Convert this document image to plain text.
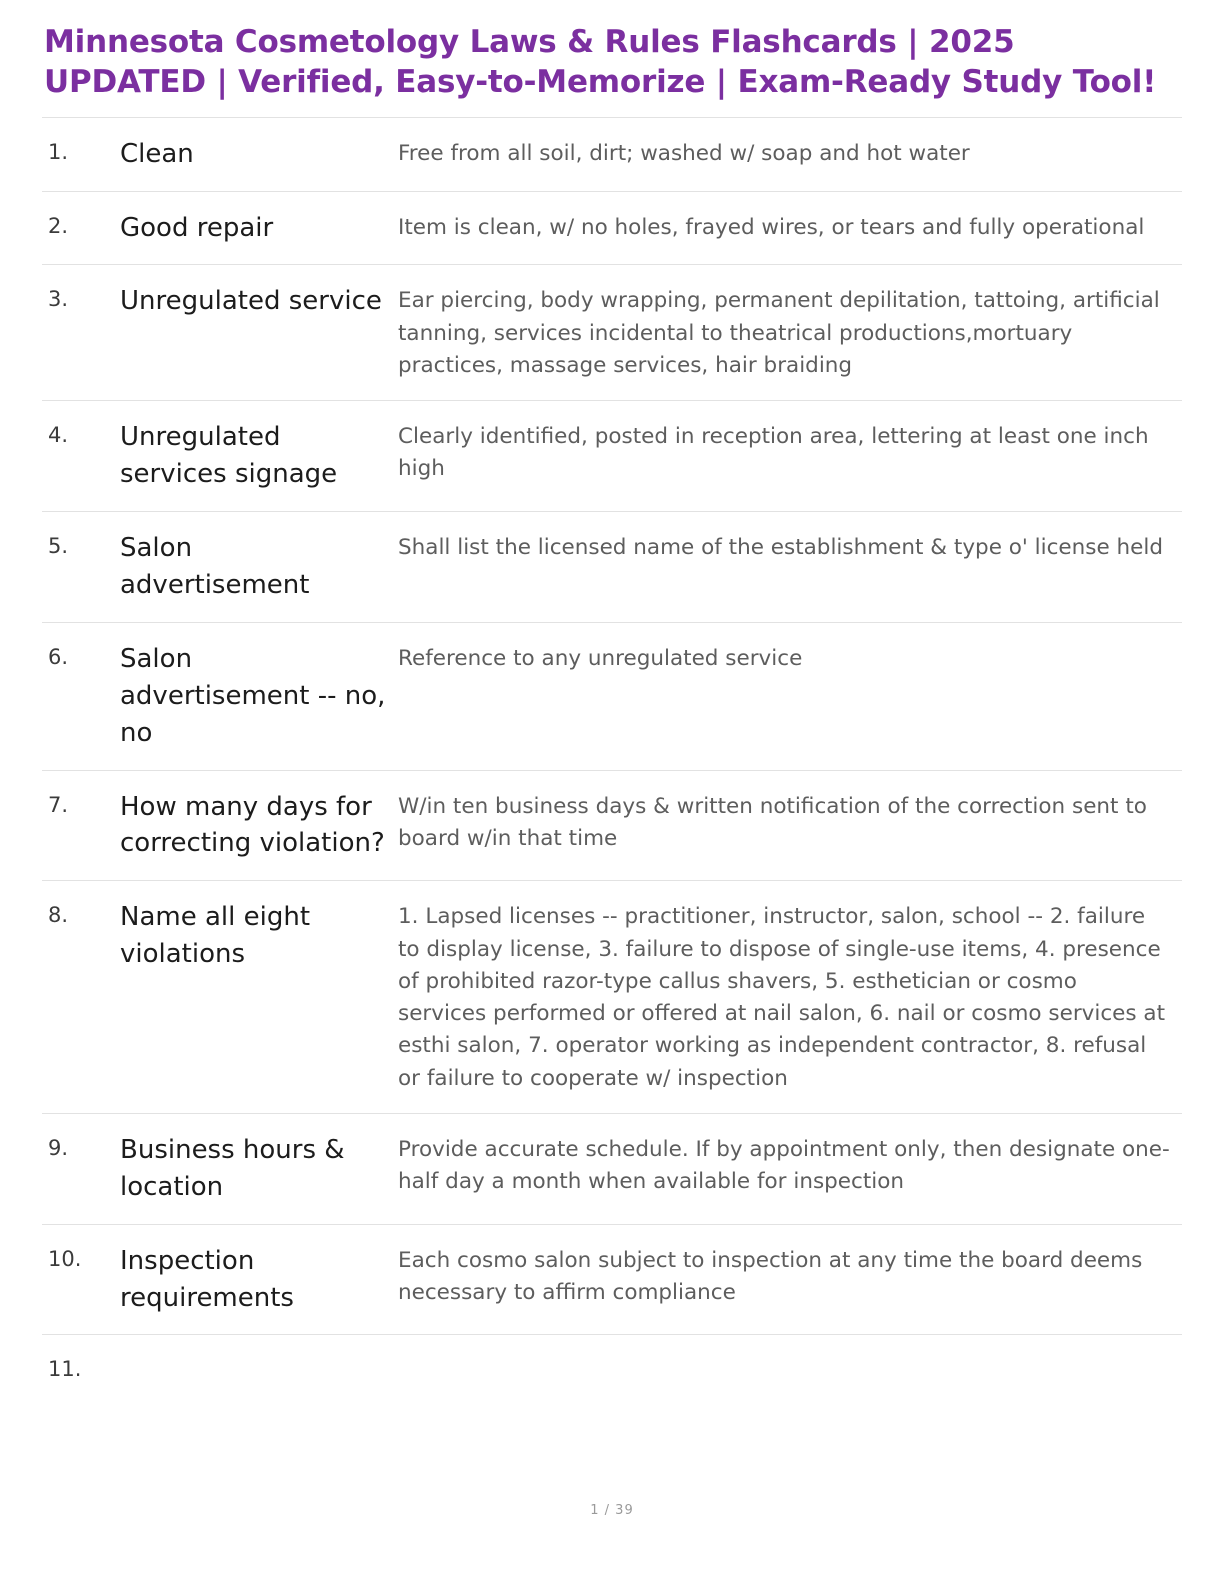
Minnesota Cosmetology Laws & Rules Flashcards | 2025 UPDATED | Verified, Easy-to-Memorize | Exam-Ready Study Tool!
1.	Clean	Free from all soil, dirt; washed w/ soap and hot water
2.	Good repair	Item is clean, w/ no holes, frayed wires, or tears and fully operational
3.	Unregulated service	Ear piercing, body wrapping, permanent depilitation, tattoing, artificial tanning, services incidental to theatrical productions,mortuary practices, massage services, hair braiding
4.	Unregulated services signage	Clearly identified, posted in reception area, lettering at least one inch high
5.	Salon advertisement	Shall list the licensed name of the establishment & type o' license held
6.	Salon advertisement -- no, no	Reference to any unregulated service
7.	How many days for correcting violation?	W/in ten business days & written notification of the correction sent to board w/in that time
8.	Name all eight violations	1. Lapsed licenses -- practitioner, instructor, salon, school -- 2. failure to display license, 3. failure to dispose of single-use items, 4. presence of prohibited razor-type callus shavers, 5. esthetician or cosmo services performed or offered at nail salon, 6. nail or cosmo services at esthi salon, 7. operator working as independent contractor, 8. refusal or failure to cooperate w/ inspection
9.	Business hours & location	Provide accurate schedule. If by appointment only, then designate one-half day a month when available for inspection
10.	Inspection requirements	Each cosmo salon subject to inspection at any time the board deems necessary to affirm compliance
11.		
1 / 39
